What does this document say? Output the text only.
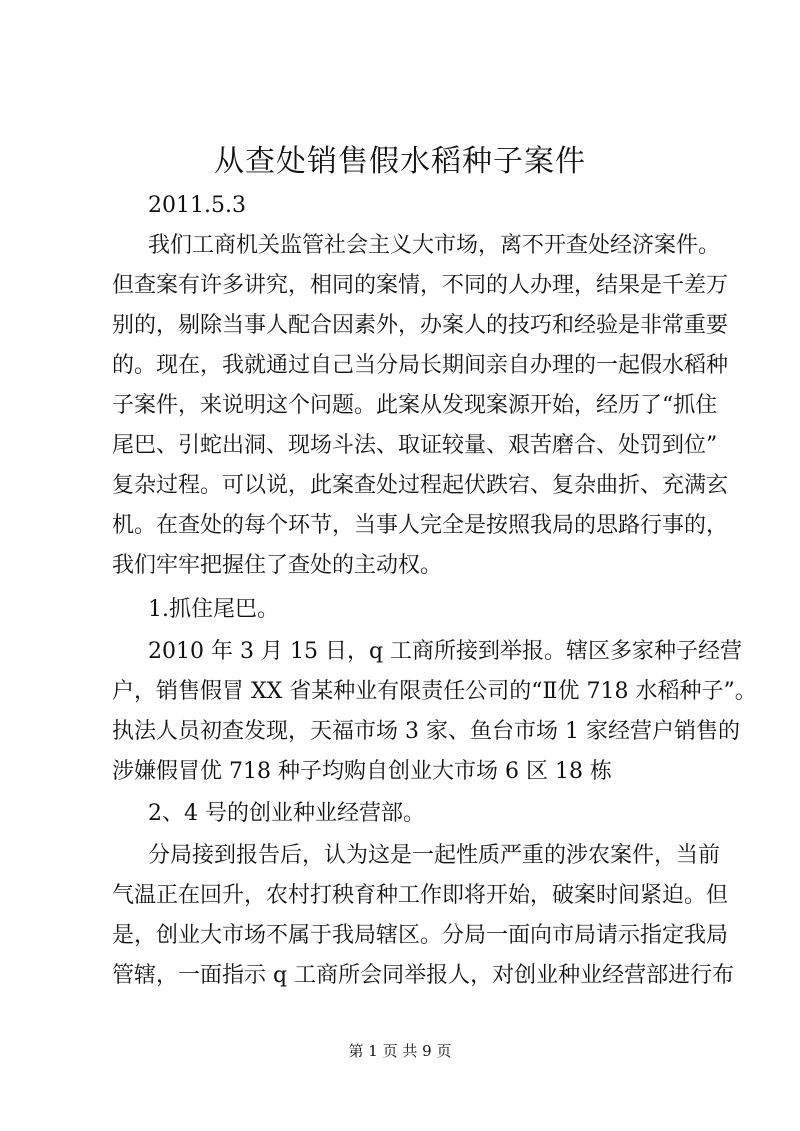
从查处销售假水稻种子案件
2011.5.3
我们工商机关监管社会主义大市场，离不开查处经济案件。
但查案有许多讲究，相同的案情，不同的人办理，结果是千差万
别的，剔除当事人配合因素外，办案人的技巧和经验是非常重要
的。现在，我就通过自己当分局长期间亲自办理的一起假水稻种
子案件，来说明这个问题。此案从发现案源开始，经历了“抓住
尾巴、引蛇出洞、现场斗法、取证较量、艰苦磨合、处罚到位”
复杂过程。可以说，此案查处过程起伏跌宕、复杂曲折、充满玄
机。在查处的每个环节，当事人完全是按照我局的思路行事的，
我们牢牢把握住了查处的主动权。
1.抓住尾巴。
2010 年 3 月 15 日，q 工商所接到举报。辖区多家种子经营
户，销售假冒 XX 省某种业有限责任公司的“Ⅱ优 718 水稻种子”。
执法人员初查发现，天福市场 3 家、鱼台市场 1 家经营户销售的
涉嫌假冒优 718 种子均购自创业大市场 6 区 18 栋
2、4 号的创业种业经营部。
分局接到报告后，认为这是一起性质严重的涉农案件，当前
气温正在回升，农村打秧育种工作即将开始，破案时间紧迫。但
是，创业大市场不属于我局辖区。分局一面向市局请示指定我局
管辖，一面指示 q 工商所会同举报人，对创业种业经营部进行布
第 1 页 共 9 页
